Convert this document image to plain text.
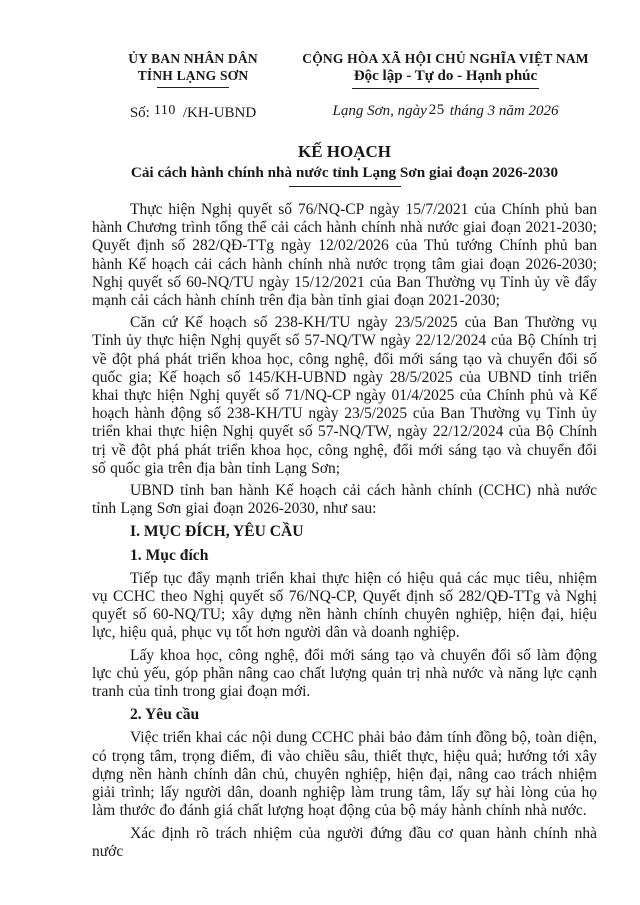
ỦY BAN NHÂN DÂN
TỈNH LẠNG SƠN
Số: 110 /KH-UBND
CỘNG HÒA XÃ HỘI CHỦ NGHĨA VIỆT NAM
Độc lập - Tự do - Hạnh phúc
Lạng Sơn, ngày 25 tháng 3 năm 2026
KẾ HOẠCH
Cải cách hành chính nhà nước tỉnh Lạng Sơn giai đoạn 2026-2030
Thực hiện Nghị quyết số 76/NQ-CP ngày 15/7/2021 của Chính phủ ban hành Chương trình tổng thể cải cách hành chính nhà nước giai đoạn 2021-2030; Quyết định số 282/QĐ-TTg ngày 12/02/2026 của Thủ tướng Chính phủ ban hành Kế hoạch cải cách hành chính nhà nước trọng tâm giai đoạn 2026-2030; Nghị quyết số 60-NQ/TU ngày 15/12/2021 của Ban Thường vụ Tỉnh ủy về đẩy mạnh cải cách hành chính trên địa bàn tỉnh giai đoạn 2021-2030;
Căn cứ Kế hoạch số 238-KH/TU ngày 23/5/2025 của Ban Thường vụ Tỉnh ủy thực hiện Nghị quyết số 57-NQ/TW ngày 22/12/2024 của Bộ Chính trị về đột phá phát triển khoa học, công nghệ, đổi mới sáng tạo và chuyển đổi số quốc gia; Kế hoạch số 145/KH-UBND ngày 28/5/2025 của UBND tỉnh triển khai thực hiện Nghị quyết số 71/NQ-CP ngày 01/4/2025 của Chính phủ và Kế hoạch hành động số 238-KH/TU ngày 23/5/2025 của Ban Thường vụ Tỉnh ủy triển khai thực hiện Nghị quyết số 57-NQ/TW, ngày 22/12/2024 của Bộ Chính trị về đột phá phát triển khoa học, công nghệ, đổi mới sáng tạo và chuyển đổi số quốc gia trên địa bàn tỉnh Lạng Sơn;
UBND tỉnh ban hành Kế hoạch cải cách hành chính (CCHC) nhà nước tỉnh Lạng Sơn giai đoạn 2026-2030, như sau:
I. MỤC ĐÍCH, YÊU CẦU
1. Mục đích
Tiếp tục đẩy mạnh triển khai thực hiện có hiệu quả các mục tiêu, nhiệm vụ CCHC theo Nghị quyết số 76/NQ-CP, Quyết định số 282/QĐ-TTg và Nghị quyết số 60-NQ/TU; xây dựng nền hành chính chuyên nghiệp, hiện đại, hiệu lực, hiệu quả, phục vụ tốt hơn người dân và doanh nghiệp.
Lấy khoa học, công nghệ, đổi mới sáng tạo và chuyển đổi số làm động lực chủ yếu, góp phần nâng cao chất lượng quản trị nhà nước và năng lực cạnh tranh của tỉnh trong giai đoạn mới.
2. Yêu cầu
Việc triển khai các nội dung CCHC phải bảo đảm tính đồng bộ, toàn diện, có trọng tâm, trọng điểm, đi vào chiều sâu, thiết thực, hiệu quả; hướng tới xây dựng nền hành chính dân chủ, chuyên nghiệp, hiện đại, nâng cao trách nhiệm giải trình; lấy người dân, doanh nghiệp làm trung tâm, lấy sự hài lòng của họ làm thước đo đánh giá chất lượng hoạt động của bộ máy hành chính nhà nước.
Xác định rõ trách nhiệm của người đứng đầu cơ quan hành chính nhà nước
